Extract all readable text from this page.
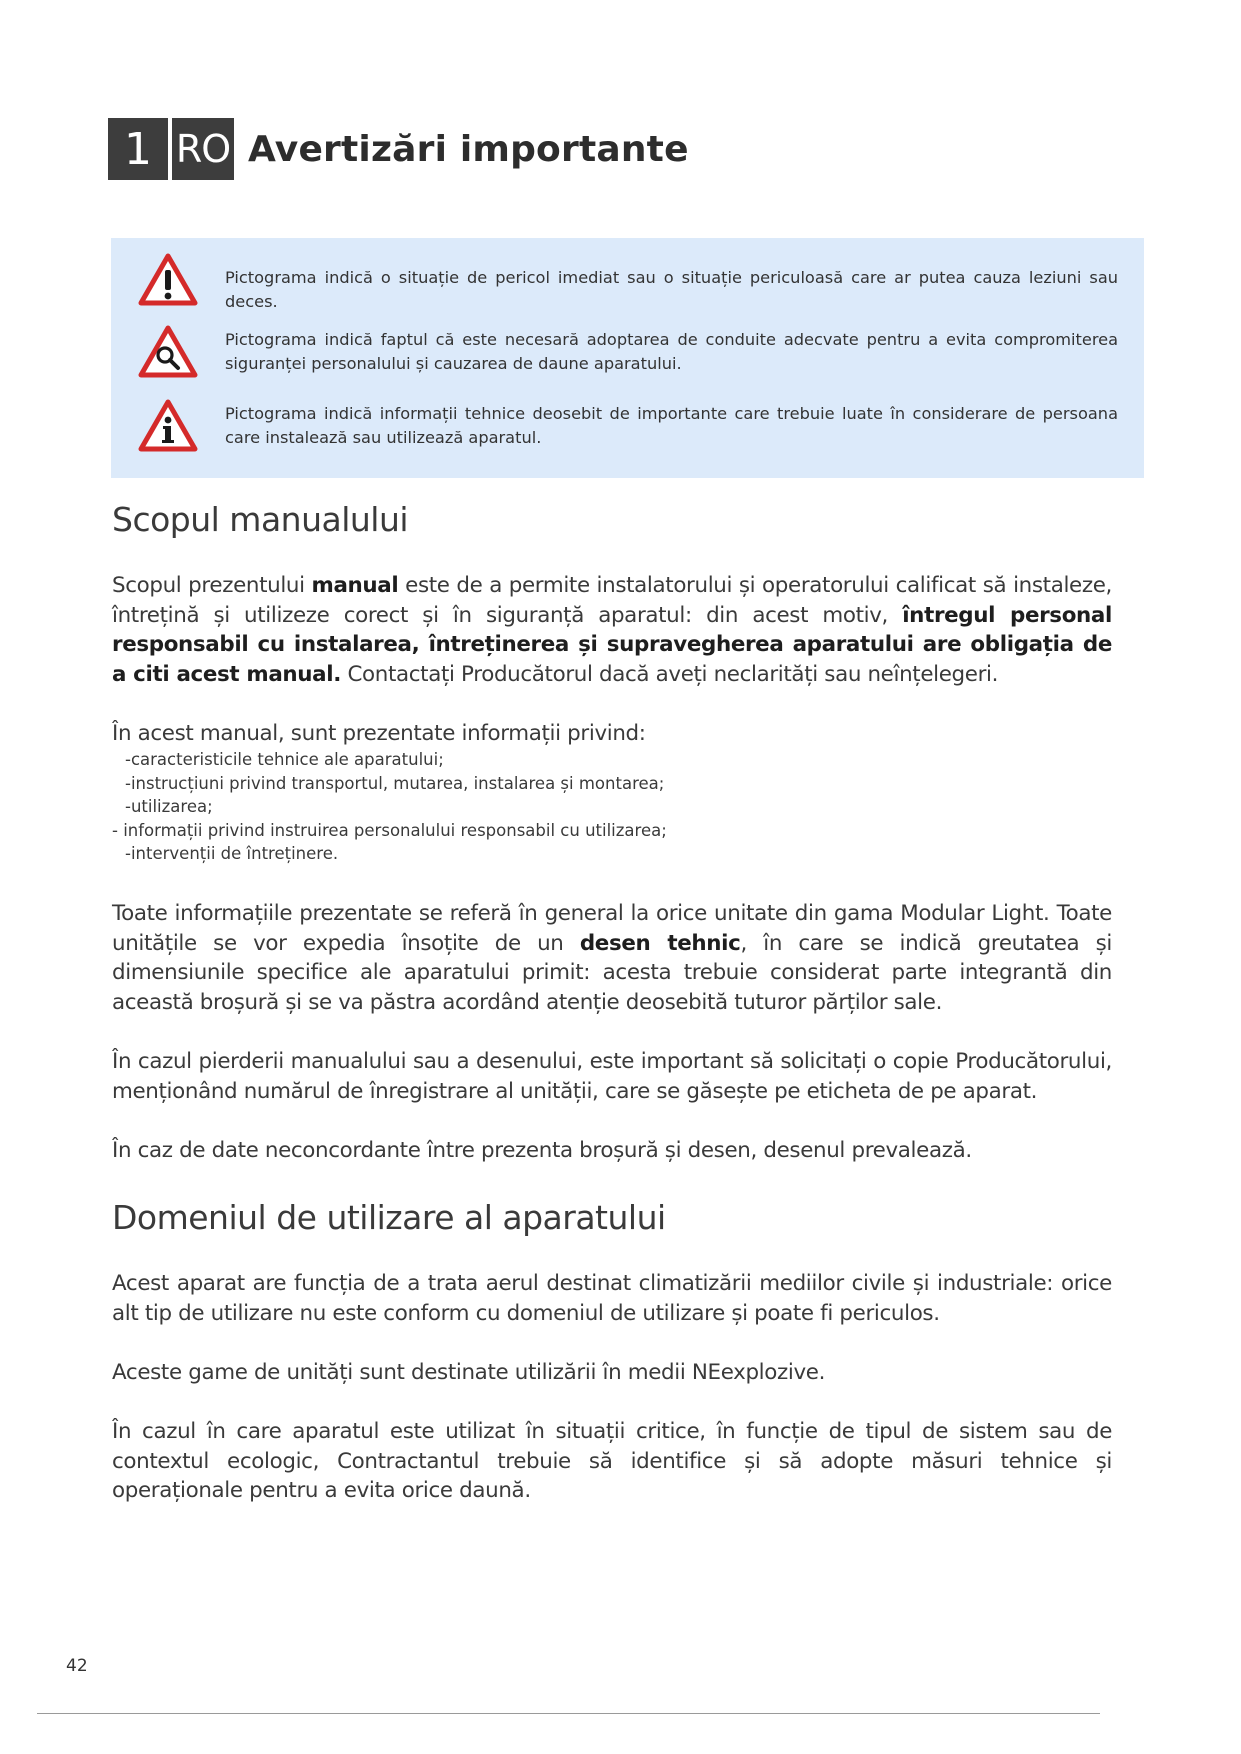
1 RO Avertizări importante
Pictograma indică o situație de pericol imediat sau o situație periculoasă care ar putea cauza leziuni sau deces.
Pictograma indică faptul că este necesară adoptarea de conduite adecvate pentru a evita compromiterea siguranței personalului și cauzarea de daune aparatului.
Pictograma indică informații tehnice deosebit de importante care trebuie luate în considerare de persoana care instalează sau utilizează aparatul.
Scopul manualului
Scopul prezentului manual este de a permite instalatorului și operatorului calificat să instaleze, întrețină și utilizeze corect și în siguranță aparatul: din acest motiv, întregul personal responsabil cu instalarea, întreținerea și supravegherea aparatului are obligația de a citi acest manual. Contactați Producătorul dacă aveți neclarități sau neînțelegeri.
În acest manual, sunt prezentate informații privind:
-caracteristicile tehnice ale aparatului;
-instrucțiuni privind transportul, mutarea, instalarea și montarea;
-utilizarea;
- informații privind instruirea personalului responsabil cu utilizarea;
-intervenții de întreținere.
Toate informațiile prezentate se referă în general la orice unitate din gama Modular Light. Toate unitățile se vor expedia însoțite de un desen tehnic, în care se indică greutatea și dimensiunile specifice ale aparatului primit: acesta trebuie considerat parte integrantă din această broșură și se va păstra acordând atenție deosebită tuturor părților sale.
În cazul pierderii manualului sau a desenului, este important să solicitați o copie Producătorului, menționând numărul de înregistrare al unității, care se găsește pe eticheta de pe aparat.
În caz de date neconcordante între prezenta broșură și desen, desenul prevalează.
Domeniul de utilizare al aparatului
Acest aparat are funcția de a trata aerul destinat climatizării mediilor civile și industriale: orice alt tip de utilizare nu este conform cu domeniul de utilizare și poate fi periculos.
Aceste game de unități sunt destinate utilizării în medii NEexplozive.
În cazul în care aparatul este utilizat în situații critice, în funcție de tipul de sistem sau de contextul ecologic, Contractantul trebuie să identifice și să adopte măsuri tehnice și operaționale pentru a evita orice daună.
42
